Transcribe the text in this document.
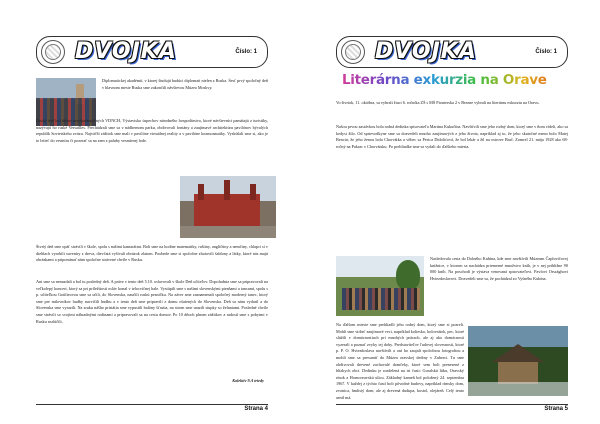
DVOJKA	Číslo: 1
Diplomatickej akadémii, v ktorej študujú budúci diplomati nielen z Ruska. Šesť prvý spoločný deň v hlavnom meste Ruska sme zakončili návštevou Múzea Moskvy.
Druhý deň bol dňom nezabudnuteľných VDNCH, Výstavisko úspechov národného hospodárstva, ktoré návštevníci pamätajú z turistiky, nazývajú ho ruské Versailles. Prechádzali sme sa v nádhernom parku, obdivovali fontány a zaujímavé architektúru pavilónov bývalých republík Sovietskeho zväzu. Najväčší zážitok sme mali v pavilóne virtuálnej reality a v pavilóne kozmonautiky. Vyskúšali sme si, ako je to letieť do vesmíru či pozerať sa na zem z paluby vesmírnej lode.
Štvrtý deň sme opäť strávili v škole, spolu s našimi kamarátmi. Boli sme na hodine matematiky, ruštiny, angličtiny a nemčiny, chlapci si v dielňach vyrobili suveníry z dreva, dievčatá vyšívali obrázok zlatom. Poobede sme si spoločne zhotovili šablony a látky, ktoré nás majú obrázkami a pripomínať nám spoločne strávené chvíle v Rusku.
Ani sme sa nenazdali a bol tu posledný deň. A práve v tento deň 5.10. oslavovali v škole Deň učiteľov. Dopoludnia sme sa pripravovali na veľkolepý koncert, ktorý sa pri príležitosti osláv konal v telocvičnej hale. Vystúpili sme s našimi slovenskými piesňami a tancami, spolu s p. učiteľkou Gottlieovou sme sa učili, do Slovenska, naučili ruskú pesničku. Na záver sme zaznamenali spoločný moderný tanec, ktorý sme pre milovníkov hudby nacvičili hudbu a v tento deň sme pripravili z domu ošatených do Slovenska. Deň sa nám vydaril a do Slovenska sme vyrazili. Na zraku nášho pristátia sme vypustili balóny šťastia, na strom sme urazili stupky so želaniami. Posledné chvíle sme strávili so svojimi náhradnými rodinami a pripravovali sa na cestu domov. Po 10 dňoch plnom zážitkov a radostí sme s pobytmi v Rusku rozlúčili.
Kolektív 9.A triedy
Strana 4
DVOJKA	Číslo: 1
Literárna exkurzia na Orave
Vo štvrtok, 11. októbra, sa vybrali žiaci 6. ročníka ZŠ s MŠ Pionierska 2 v Brezne vybrali na literárnu exkurziu na Oravu.
Našou prvou zastávkou bola rodná dedinka spisovateľa Martina Kukučína. Navštívili sme jeho rodný dom, ktorý sme v ňom videli, ako sa kedysi žilo. Od sprievodkyne sme sa dozvedeli mnoho zaujímavých z jeho života, napríklad aj to, že jeho skutočné meno bolo Matej Bencúr, že jeho ženou bola Chorvátka a vôbec sa Perica Didolićová, že bol lekár a žil na ostrove Brač. Zomrel 21. mája 1928 ako 68-ročný na Pakrac v Chorvátsku. Po prehliadke sme sa vydali do ďalšieho miesta.
Nasledovala cesta do Dolného Kubína, kde sme navštívili Múzeum Čaplovičovej knižnice, v ktorom sa nachádza priemerné množstvo kníh, je v nej približne 90 000 kníh. Na poschodí je výstava venovaná spisovateľovi. Pavlovi Országhovi Hviezdoslavovi. Dozvedeli sme sa, že pochádzal zo Vyšného Kubína.
Na ďalšom mieste sme prehliadli jeho rodný dom, ktorý sme si pozreli. Mohli sme vidieť zaujímavé veci, napríklad koliesko, kolovrátok, pec, ktoré slúžili v domácnostiach pri mnohých prácach, ale aj ako domácnosti vyzerali a poznať zvyky tej doby. Predstaviteľov ľudovej slovesnosti, ktoré p. P. O. Hviezdoslava navštívili a oni ho zaujali spoločnou fotografiou a mohli sme sa presunúť do Múzea oravskej dediny v Zuberci. Tu sme obdivovali drevené zachovalé domčeky, ktoré sem boli prenesené z blízkych obcí. Dedinku je rozdelená na tri časti: Goralskú lúku, Oravský rínok a Hornooravskú ulicu. Základný kameň bol položený 24. septembra 1967. V každej z týchto častí boli pôvodné budovy, napríklad rímsky dom, zvonica, hmlistý dom, ale aj drevená dudupa, kostol, olejáreň. Celý tento areál má.
Strana 5
